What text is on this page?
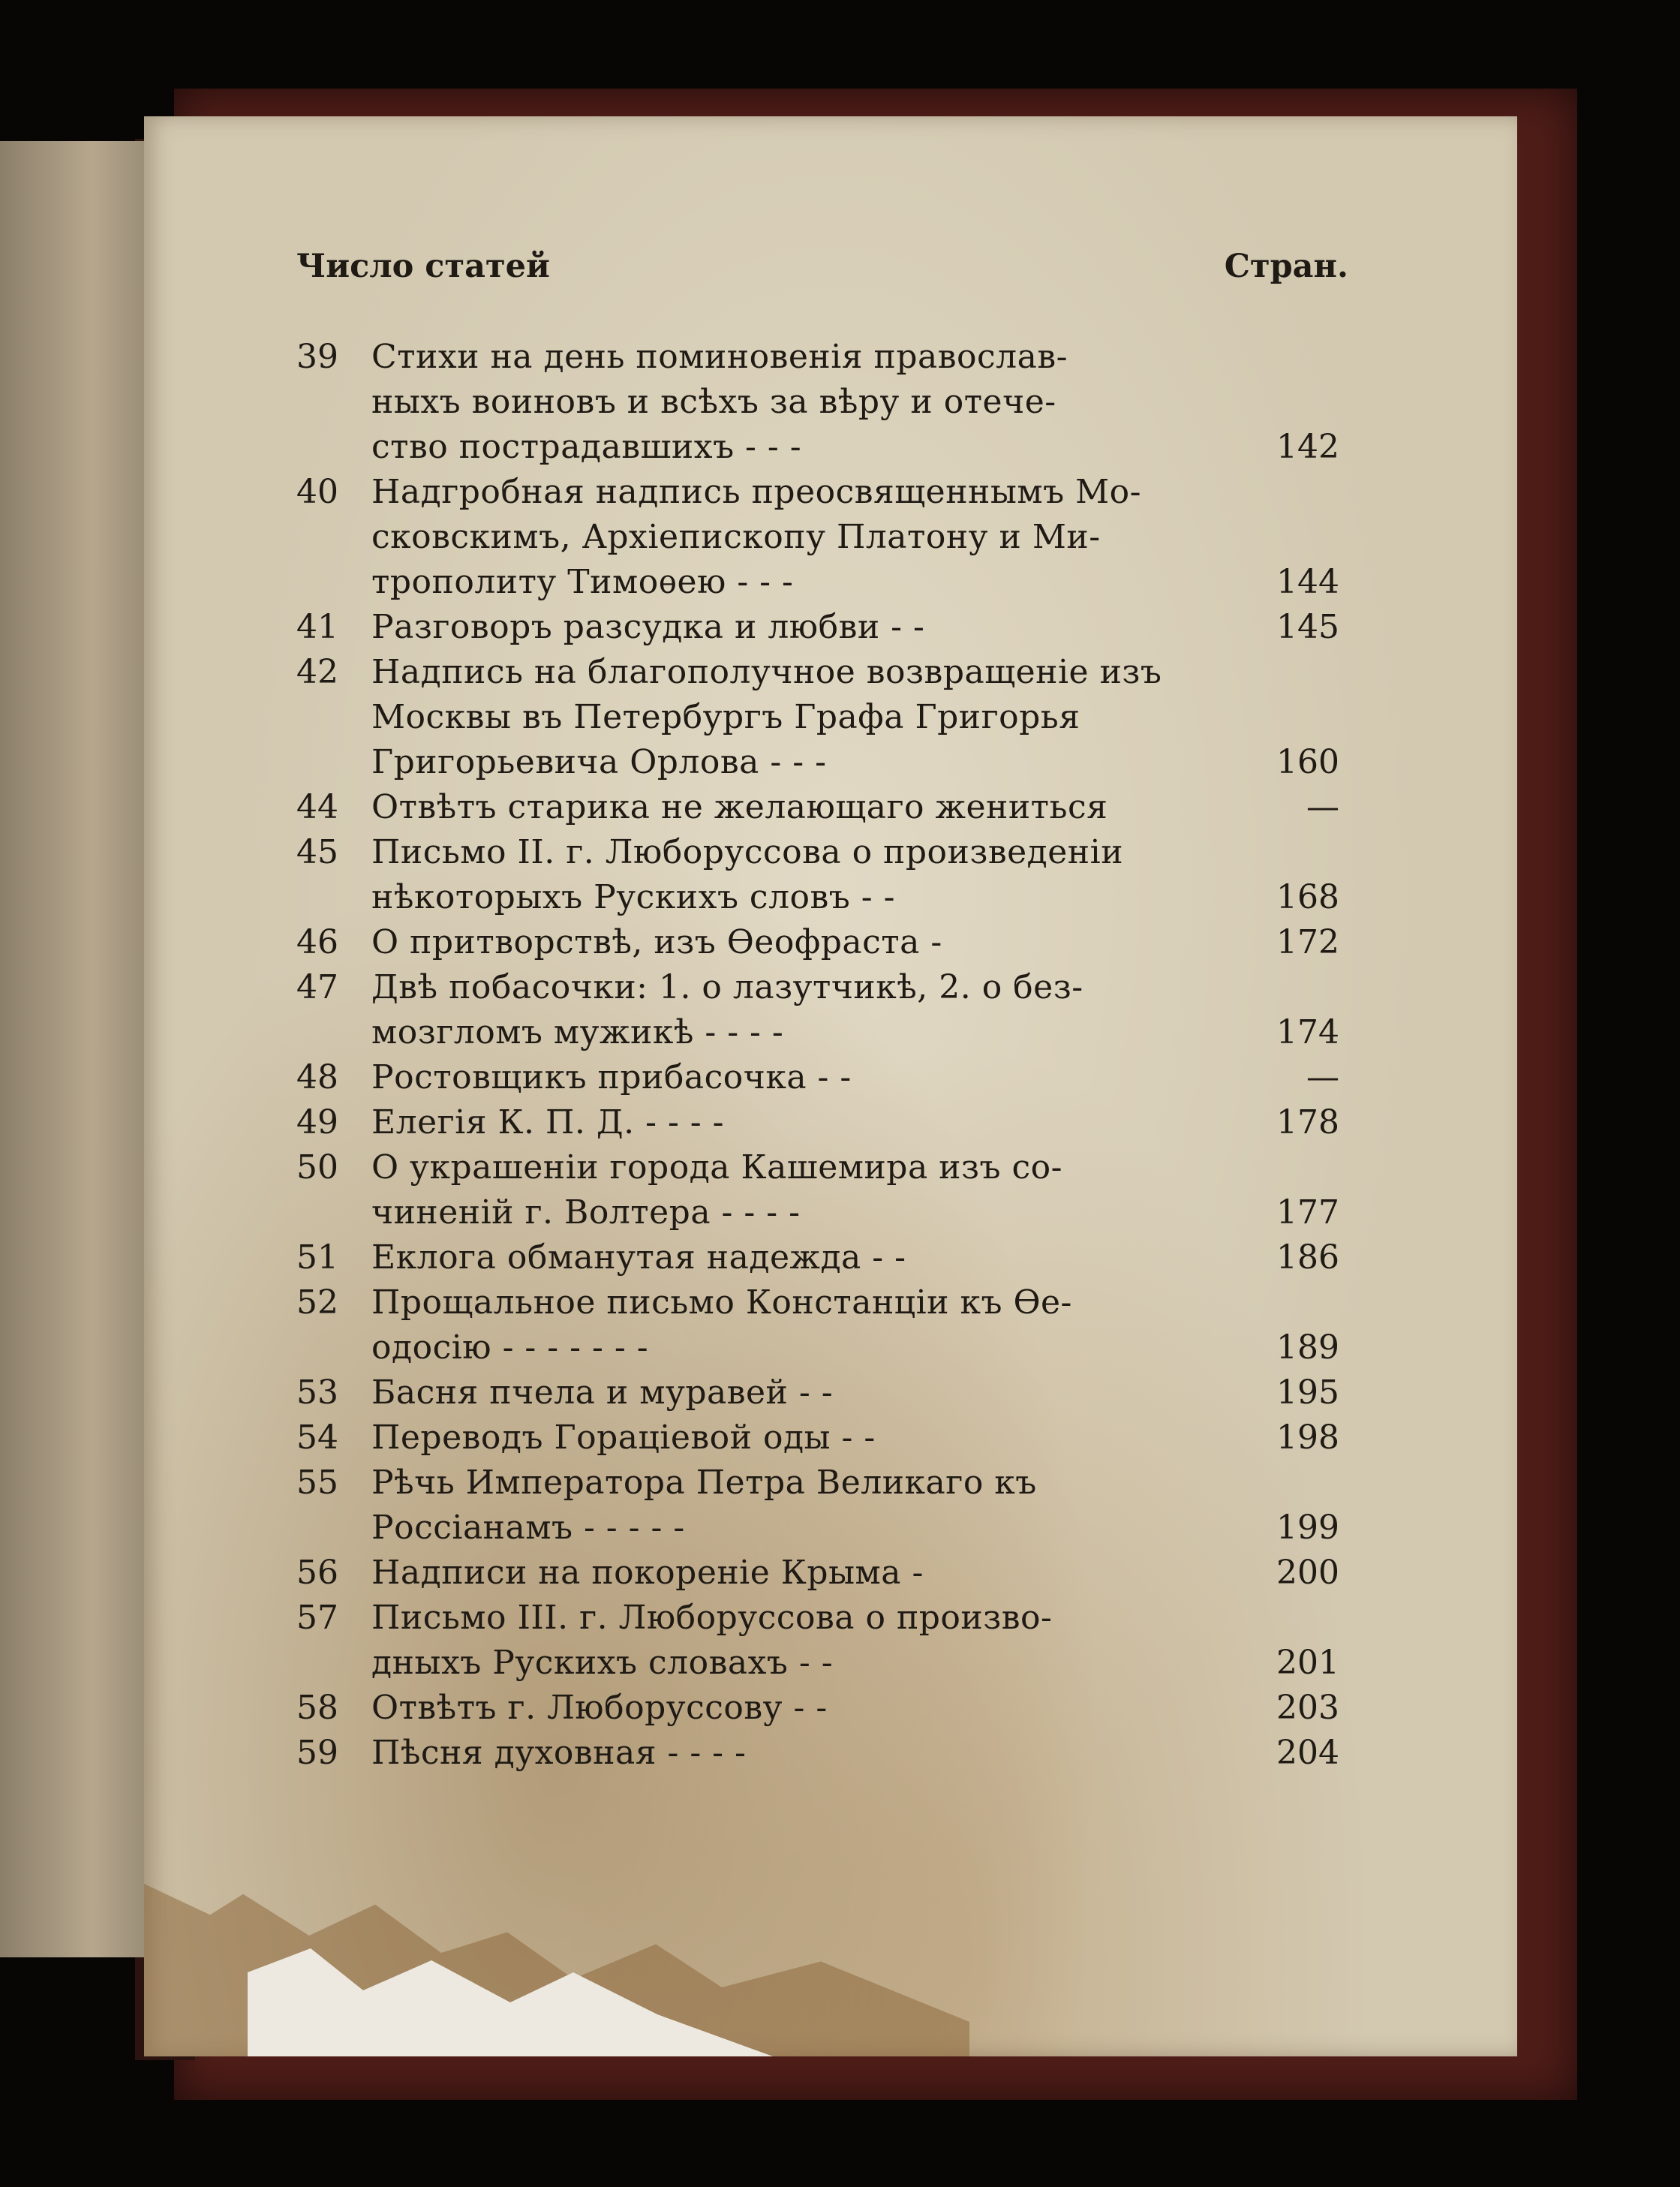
Число статей	Стран.
39	Стихи на день поминовенія православ-
ныхъ воиновъ и всѣхъ за вѣру и отече-
ство пострадавшихъ - - -	142
40	Надгробная надпись преосвященнымъ Мо-
сковскимъ, Архіепископу Платону и Ми-
трополиту Тимоѳею - - -	144
41	Разговоръ разсудка и любви - -	145
42	Надпись на благополучное возвращеніе изъ
Москвы въ Петербургъ Графа Григорья
Григорьевича Орлова - - -	160
44	Отвѣтъ старика не желающаго жениться	—
45	Письмо II. г. Любоpуссова о произведеніи
нѣкоторыхъ Рускихъ словъ - -	168
46	О притворствѣ, изъ Ѳеофраста -	172
47	Двѣ побасочки: 1. о лазутчикѣ, 2. о без-
мозгломъ мужикѣ - - - -	174
48	Ростовщикъ прибасочка - -	—
49	Елегія К. П. Д. - - - -	178
50	О украшеніи города Кашемира изъ со-
чиненій г. Волтера - - - -	177
51	Еклога обманутая надежда - -	186
52	Прощальное письмо Констанціи къ Ѳе-
одосію - - - - - - -	189
53	Басня пчела и муравей - -	195
54	Переводъ Гораціевой оды - -	198
55	Рѣчь Императора Петра Великаго къ
Россіанамъ - - - - -	199
56	Надписи на покореніе Крыма -	200
57	Письмо III. г. Любоpуссова о произво-
дныхъ Рускихъ словахъ - -	201
58	Отвѣтъ г. Любоpуссову - -	203
59	Пѣсня духовная - - - -	204
